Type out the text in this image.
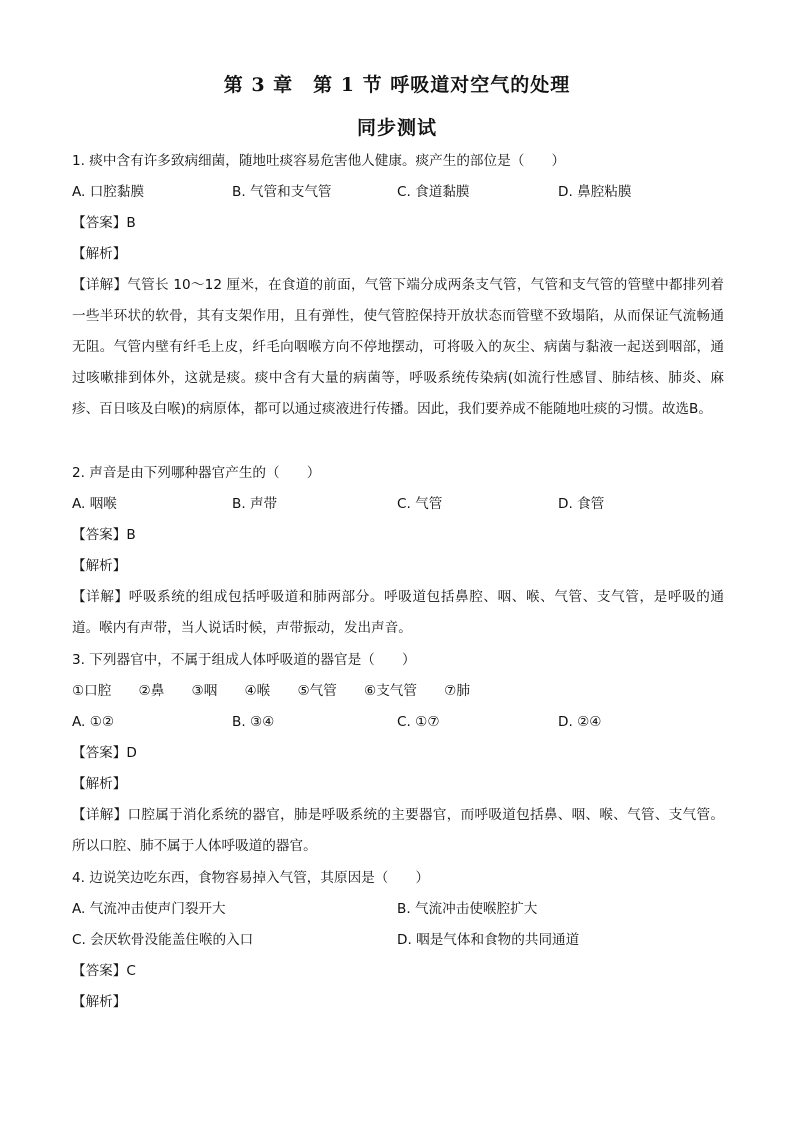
第 3 章　第 1 节 呼吸道对空气的处理
同步测试
1. 痰中含有许多致病细菌，随地吐痰容易危害他人健康。痰产生的部位是（　　）
A. 口腔黏膜	B. 气管和支气管	C. 食道黏膜	D. 鼻腔粘膜
【答案】B
【解析】
【详解】气管长 10～12 厘米，在食道的前面，气管下端分成两条支气管，气管和支气管的管壁中都排列着一些半环状的软骨，其有支架作用，且有弹性，使气管腔保持开放状态而管壁不致塌陷，从而保证气流畅通无阻。气管内壁有纤毛上皮，纤毛向咽喉方向不停地摆动，可将吸入的灰尘、病菌与黏液一起送到咽部，通过咳嗽排到体外，这就是痰。痰中含有大量的病菌等，呼吸系统传染病(如流行性感冒、肺结核、肺炎、麻疹、百日咳及白喉)的病原体，都可以通过痰液进行传播。因此，我们要养成不能随地吐痰的习惯。故选B。
2. 声音是由下列哪种器官产生的（　　）
A. 咽喉	B. 声带	C. 气管	D. 食管
【答案】B
【解析】
【详解】呼吸系统的组成包括呼吸道和肺两部分。呼吸道包括鼻腔、咽、喉、气管、支气管，是呼吸的通道。喉内有声带，当人说话时候，声带振动，发出声音。
3. 下列器官中，不属于组成人体呼吸道的器官是（　　）
①口腔　　②鼻　　③咽　　④喉　　⑤气管　　⑥支气管　　⑦肺
A. ①②	B. ③④	C. ①⑦	D. ②④
【答案】D
【解析】
【详解】口腔属于消化系统的器官，肺是呼吸系统的主要器官，而呼吸道包括鼻、咽、喉、气管、支气管。所以口腔、肺不属于人体呼吸道的器官。
4. 边说笑边吃东西，食物容易掉入气管，其原因是（　　）
A. 气流冲击使声门裂开大	B. 气流冲击使喉腔扩大
C. 会厌软骨没能盖住喉的入口	D. 咽是气体和食物的共同通道
【答案】C
【解析】
